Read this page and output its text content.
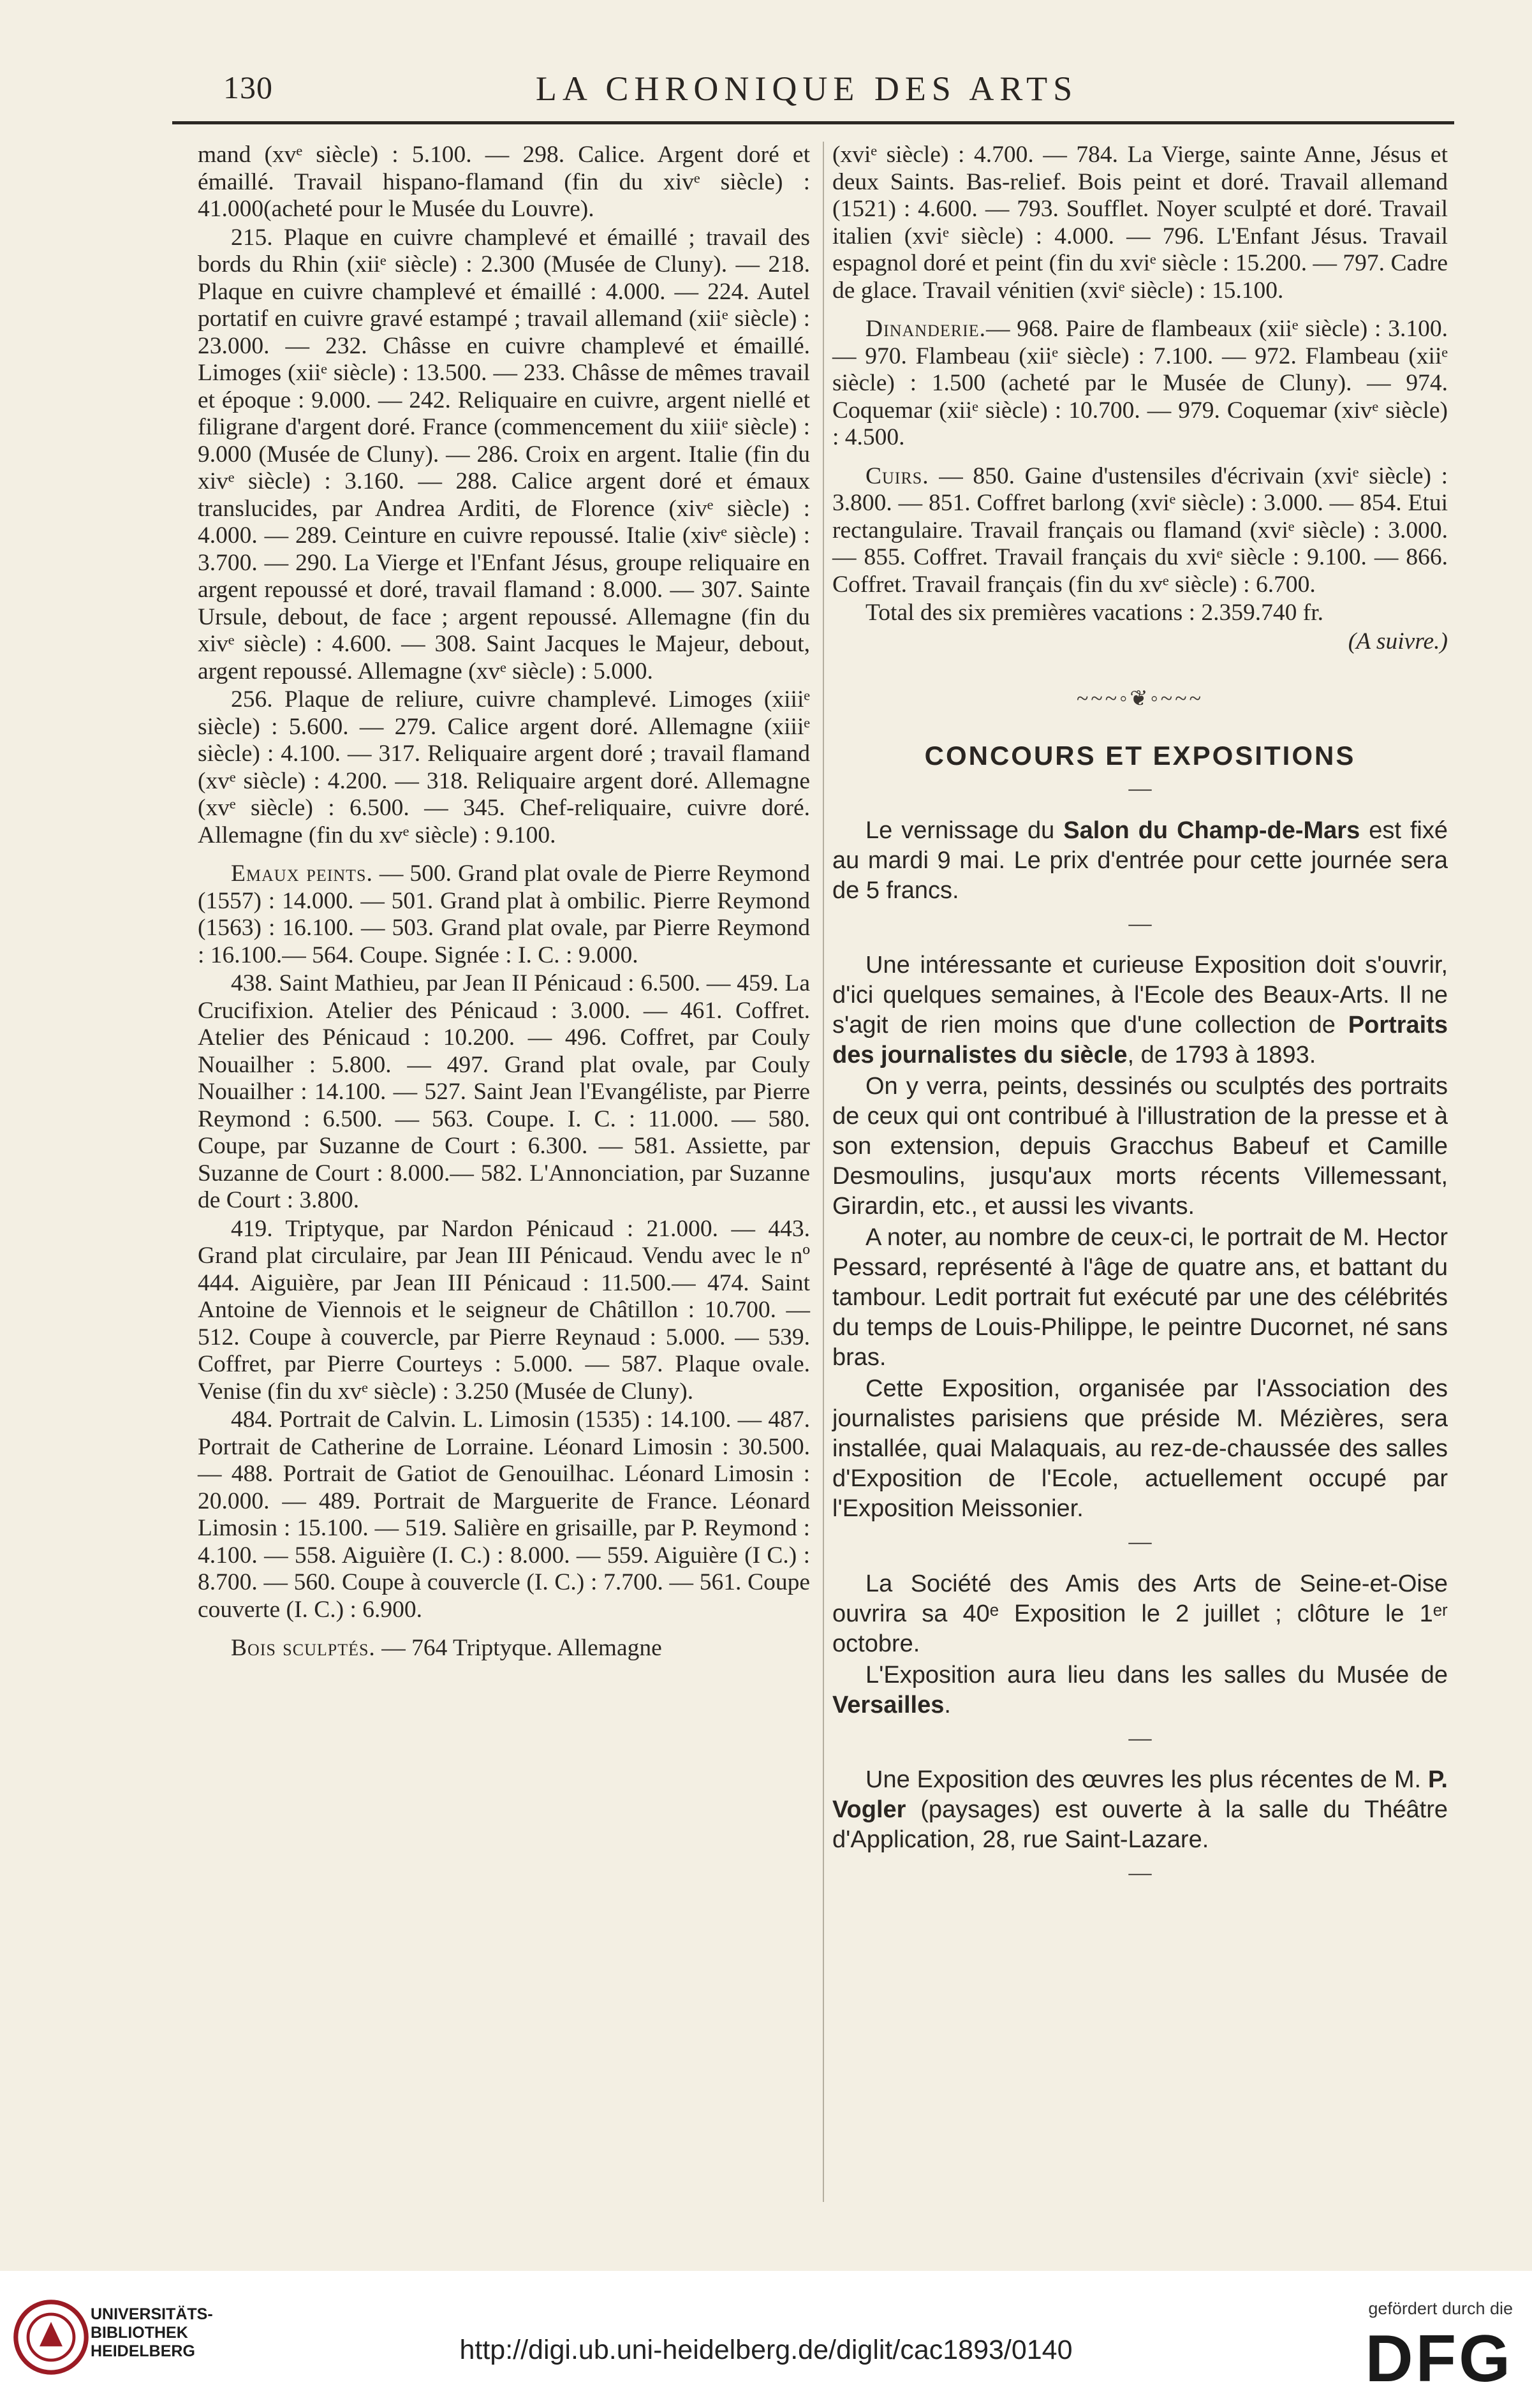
130	LA CHRONIQUE DES ARTS

mand (xvᵉ siècle) : 5.100. — 298. Calice. Argent doré et émaillé. Travail hispano-flamand (fin du xivᵉ siècle) : 41.000(acheté pour le Musée du Louvre).

215. Plaque en cuivre champlevé et émaillé ; travail des bords du Rhin (xiiᵉ siècle) : 2.300 (Musée de Cluny). — 218. Plaque en cuivre champlevé et émaillé : 4.000. — 224. Autel portatif en cuivre gravé estampé ; travail allemand (xiiᵉ siècle) : 23.000. — 232. Châsse en cuivre champlevé et émaillé. Limoges (xiiᵉ siècle) : 13.500. — 233. Châsse de mêmes travail et époque : 9.000. — 242. Reliquaire en cuivre, argent niellé et filigrane d'argent doré. France (commencement du xiiiᵉ siècle) : 9.000 (Musée de Cluny). — 286. Croix en argent. Italie (fin du xivᵉ siècle) : 3.160. — 288. Calice argent doré et émaux translucides, par Andrea Arditi, de Florence (xivᵉ siècle) : 4.000. — 289. Ceinture en cuivre repoussé. Italie (xivᵉ siècle) : 3.700. — 290. La Vierge et l'Enfant Jésus, groupe reliquaire en argent repoussé et doré, travail flamand : 8.000. — 307. Sainte Ursule, debout, de face ; argent repoussé. Allemagne (fin du xivᵉ siècle) : 4.600. — 308. Saint Jacques le Majeur, debout, argent repoussé. Allemagne (xvᵉ siècle) : 5.000.

256. Plaque de reliure, cuivre champlevé. Limoges (xiiiᵉ siècle) : 5.600. — 279. Calice argent doré. Allemagne (xiiiᵉ siècle) : 4.100. — 317. Reliquaire argent doré ; travail flamand (xvᵉ siècle) : 4.200. — 318. Reliquaire argent doré. Allemagne (xvᵉ siècle) : 6.500. — 345. Chef-reliquaire, cuivre doré. Allemagne (fin du xvᵉ siècle) : 9.100.

Emaux peints. — 500. Grand plat ovale de Pierre Reymond (1557) : 14.000. — 501. Grand plat à ombilic. Pierre Reymond (1563) : 16.100. — 503. Grand plat ovale, par Pierre Reymond : 16.100.— 564. Coupe. Signée : I. C. : 9.000.

438. Saint Mathieu, par Jean II Pénicaud : 6.500. — 459. La Crucifixion. Atelier des Pénicaud : 3.000. — 461. Coffret. Atelier des Pénicaud : 10.200. — 496. Coffret, par Couly Nouailher : 5.800. — 497. Grand plat ovale, par Couly Nouailher : 14.100. — 527. Saint Jean l'Evangéliste, par Pierre Reymond : 6.500. — 563. Coupe. I. C. : 11.000. — 580. Coupe, par Suzanne de Court : 6.300. — 581. Assiette, par Suzanne de Court : 8.000.— 582. L'Annonciation, par Suzanne de Court : 3.800.

419. Triptyque, par Nardon Pénicaud : 21.000. — 443. Grand plat circulaire, par Jean III Pénicaud. Vendu avec le nº 444. Aiguière, par Jean III Pénicaud : 11.500.— 474. Saint Antoine de Viennois et le seigneur de Châtillon : 10.700. — 512. Coupe à couvercle, par Pierre Reynaud : 5.000. — 539. Coffret, par Pierre Courteys : 5.000. — 587. Plaque ovale. Venise (fin du xvᵉ siècle) : 3.250 (Musée de Cluny).

484. Portrait de Calvin. L. Limosin (1535) : 14.100. — 487. Portrait de Catherine de Lorraine. Léonard Limosin : 30.500. — 488. Portrait de Gatiot de Genouilhac. Léonard Limosin : 20.000. — 489. Portrait de Marguerite de France. Léonard Limosin : 15.100. — 519. Salière en grisaille, par P. Reymond : 4.100. — 558. Aiguière (I. C.) : 8.000. — 559. Aiguière (I C.) : 8.700. — 560. Coupe à couvercle (I. C.) : 7.700. — 561. Coupe couverte (I. C.) : 6.900.

Bois sculptés. — 764 Triptyque. Allemagne

(xviᵉ siècle) : 4.700. — 784. La Vierge, sainte Anne, Jésus et deux Saints. Bas-relief. Bois peint et doré. Travail allemand (1521) : 4.600. — 793. Soufflet. Noyer sculpté et doré. Travail italien (xviᵉ siècle) : 4.000. — 796. L'Enfant Jésus. Travail espagnol doré et peint (fin du xviᵉ siècle : 15.200. — 797. Cadre de glace. Travail vénitien (xviᵉ siècle) : 15.100.

Dinanderie.— 968. Paire de flambeaux (xiiᵉ siècle) : 3.100. — 970. Flambeau (xiiᵉ siècle) : 7.100. — 972. Flambeau (xiiᵉ siècle) : 1.500 (acheté par le Musée de Cluny). — 974. Coquemar (xiiᵉ siècle) : 10.700. — 979. Coquemar (xivᵉ siècle) : 4.500.

Cuirs. — 850. Gaine d'ustensiles d'écrivain (xviᵉ siècle) : 3.800. — 851. Coffret barlong (xviᵉ siècle) : 3.000. — 854. Etui rectangulaire. Travail français ou flamand (xviᵉ siècle) : 3.000. — 855. Coffret. Travail français du xviᵉ siècle : 9.100. — 866. Coffret. Travail français (fin du xvᵉ siècle) : 6.700.

Total des six premières vacations : 2.359.740 fr.

(A suivre.)
~~~◦❦◦~~~
CONCOURS ET EXPOSITIONS
—

Le vernissage du Salon du Champ-de-Mars est fixé au mardi 9 mai. Le prix d'entrée pour cette journée sera de 5 francs.

—

Une intéressante et curieuse Exposition doit s'ouvrir, d'ici quelques semaines, à l'Ecole des Beaux-Arts. Il ne s'agit de rien moins que d'une collection de Portraits des journalistes du siècle, de 1793 à 1893.

On y verra, peints, dessinés ou sculptés des portraits de ceux qui ont contribué à l'illustration de la presse et à son extension, depuis Gracchus Babeuf et Camille Desmoulins, jusqu'aux morts récents Villemessant, Girardin, etc., et aussi les vivants.

A noter, au nombre de ceux-ci, le portrait de M. Hector Pessard, représenté à l'âge de quatre ans, et battant du tambour. Ledit portrait fut exécuté par une des célébrités du temps de Louis-Philippe, le peintre Ducornet, né sans bras.

Cette Exposition, organisée par l'Association des journalistes parisiens que préside M. Mézières, sera installée, quai Malaquais, au rez-de-chaussée des salles d'Exposition de l'Ecole, actuellement occupé par l'Exposition Meissonier.

—

La Société des Amis des Arts de Seine-et-Oise ouvrira sa 40ᵉ Exposition le 2 juillet ; clôture le 1ᵉʳ octobre.

L'Exposition aura lieu dans les salles du Musée de Versailles.

—

Une Exposition des œuvres les plus récentes de M. P. Vogler (paysages) est ouverte à la salle du Théâtre d'Application, 28, rue Saint-Lazare.

—
UNIVERSITÄTS-
BIBLIOTHEK
HEIDELBERG	http://digi.ub.uni-heidelberg.de/diglit/cac1893/0140
gefördert durch die
DFG
